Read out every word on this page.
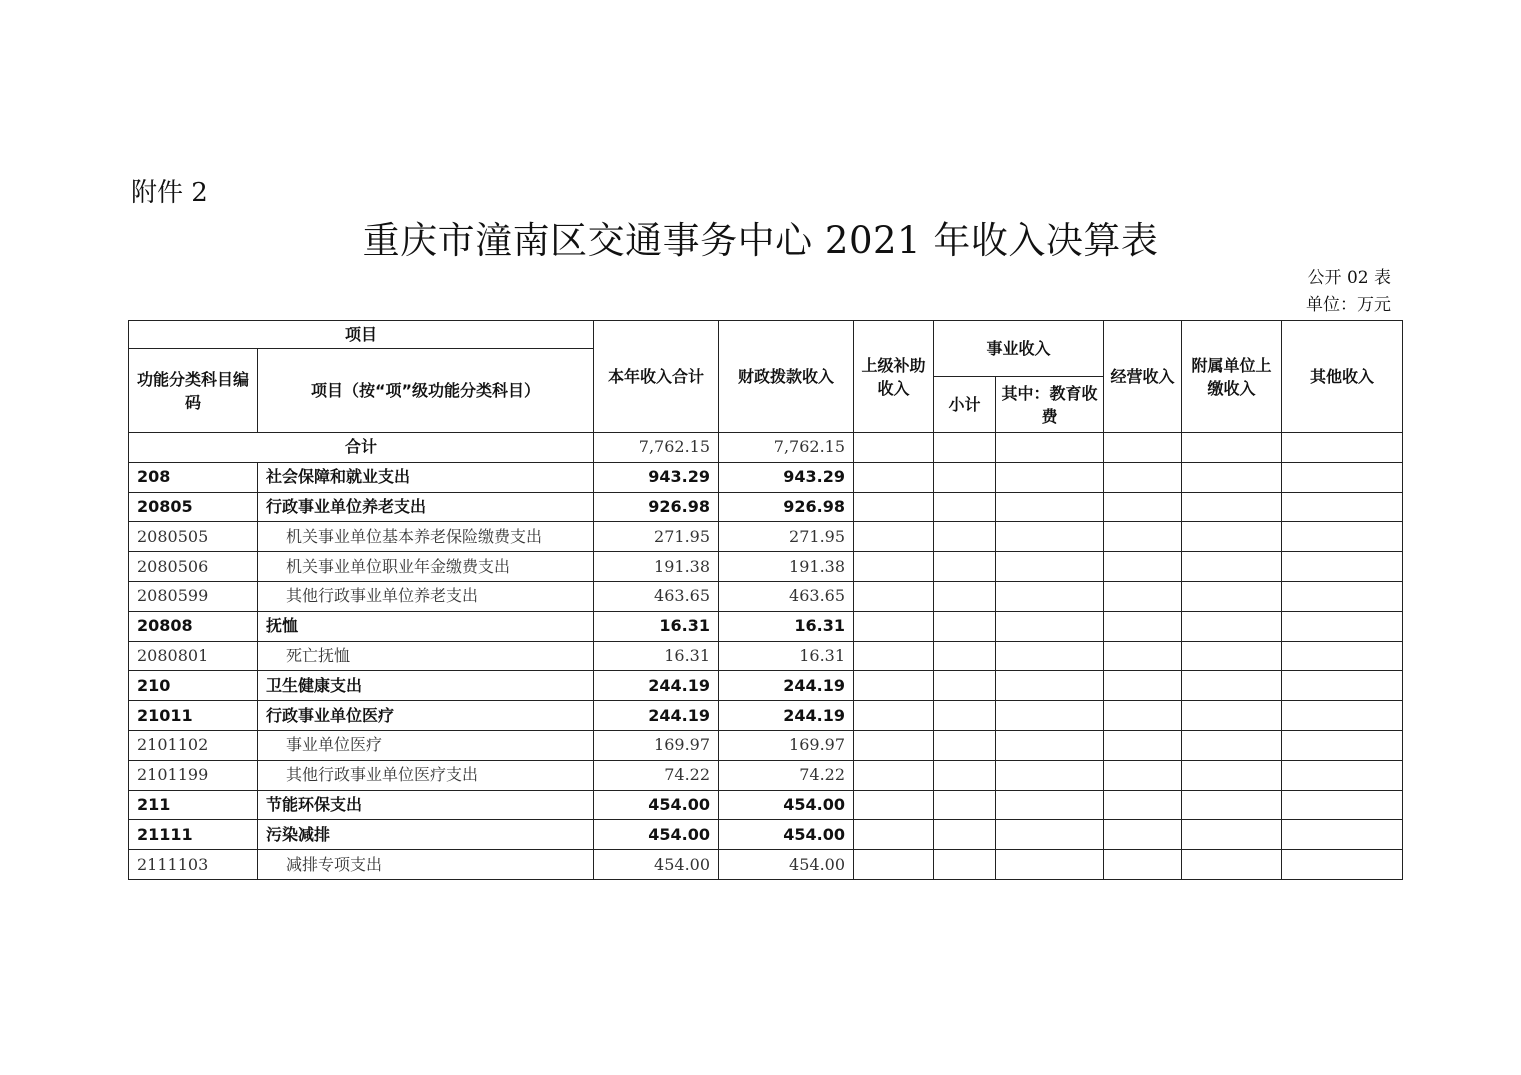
附件 2
重庆市潼南区交通事务中心 2021 年收入决算表
公开 02 表
单位：万元
项目		本年收入合计	财政拨款收入	上级补助收入	事业收入		经营收入	附属单位上缴收入	其他收入
功能分类科目编码	项目（按“项”级功能分类科目）								
					小计	其中：教育收费			
合计		7,762.15	7,762.15						
208	社会保障和就业支出	943.29	943.29						
20805	行政事业单位养老支出	926.98	926.98						
2080505	机关事业单位基本养老保险缴费支出	271.95	271.95						
2080506	机关事业单位职业年金缴费支出	191.38	191.38						
2080599	其他行政事业单位养老支出	463.65	463.65						
20808	抚恤	16.31	16.31						
2080801	死亡抚恤	16.31	16.31						
210	卫生健康支出	244.19	244.19						
21011	行政事业单位医疗	244.19	244.19						
2101102	事业单位医疗	169.97	169.97						
2101199	其他行政事业单位医疗支出	74.22	74.22						
211	节能环保支出	454.00	454.00						
21111	污染减排	454.00	454.00						
2111103	减排专项支出	454.00	454.00						
